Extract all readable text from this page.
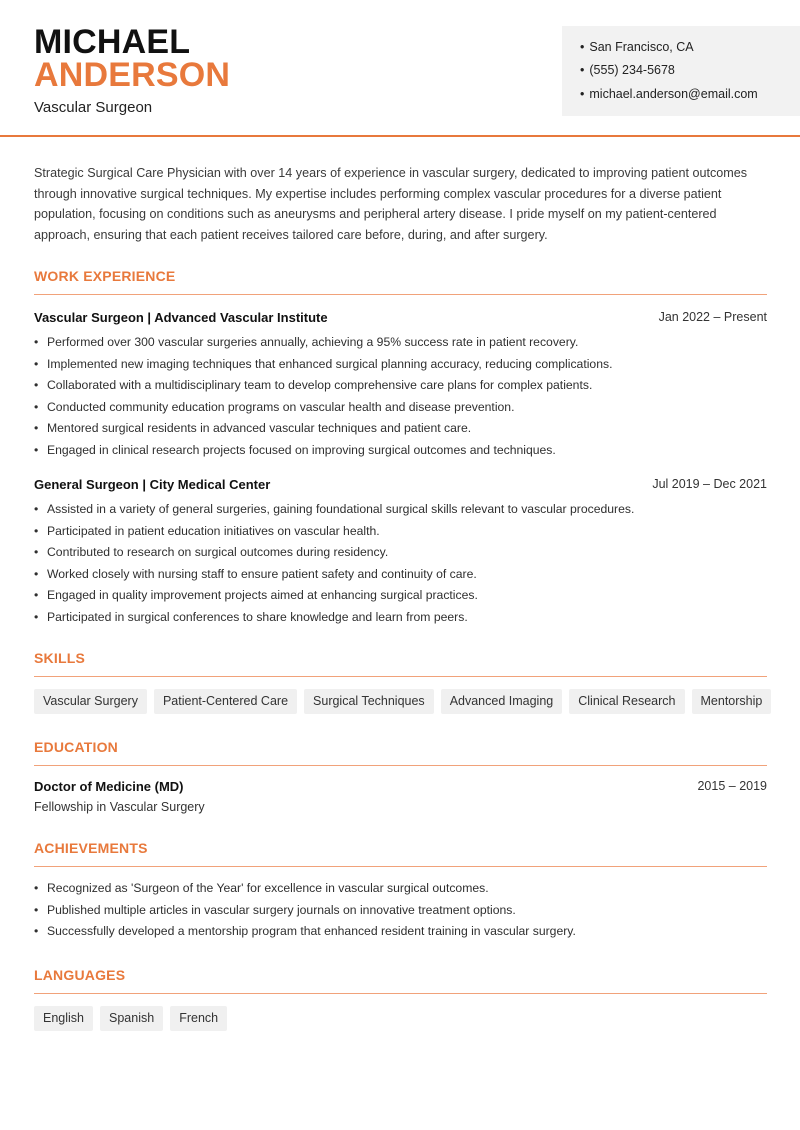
MICHAEL
ANDERSON
Vascular Surgeon
• San Francisco, CA
• (555) 234-5678
• michael.anderson@email.com
Strategic Surgical Care Physician with over 14 years of experience in vascular surgery, dedicated to improving patient outcomes through innovative surgical techniques. My expertise includes performing complex vascular procedures for a diverse patient population, focusing on conditions such as aneurysms and peripheral artery disease. I pride myself on my patient-centered approach, ensuring that each patient receives tailored care before, during, and after surgery.
WORK EXPERIENCE
Vascular Surgeon | Advanced Vascular Institute	Jan 2022 – Present
• Performed over 300 vascular surgeries annually, achieving a 95% success rate in patient recovery.
• Implemented new imaging techniques that enhanced surgical planning accuracy, reducing complications.
• Collaborated with a multidisciplinary team to develop comprehensive care plans for complex patients.
• Conducted community education programs on vascular health and disease prevention.
• Mentored surgical residents in advanced vascular techniques and patient care.
• Engaged in clinical research projects focused on improving surgical outcomes and techniques.
General Surgeon | City Medical Center	Jul 2019 – Dec 2021
• Assisted in a variety of general surgeries, gaining foundational surgical skills relevant to vascular procedures.
• Participated in patient education initiatives on vascular health.
• Contributed to research on surgical outcomes during residency.
• Worked closely with nursing staff to ensure patient safety and continuity of care.
• Engaged in quality improvement projects aimed at enhancing surgical practices.
• Participated in surgical conferences to share knowledge and learn from peers.
SKILLS
Vascular Surgery	Patient-Centered Care	Surgical Techniques	Advanced Imaging	Clinical Research	Mentorship
EDUCATION
Doctor of Medicine (MD)	2015 – 2019
Fellowship in Vascular Surgery
ACHIEVEMENTS
• Recognized as 'Surgeon of the Year' for excellence in vascular surgical outcomes.
• Published multiple articles in vascular surgery journals on innovative treatment options.
• Successfully developed a mentorship program that enhanced resident training in vascular surgery.
LANGUAGES
English	Spanish	French
